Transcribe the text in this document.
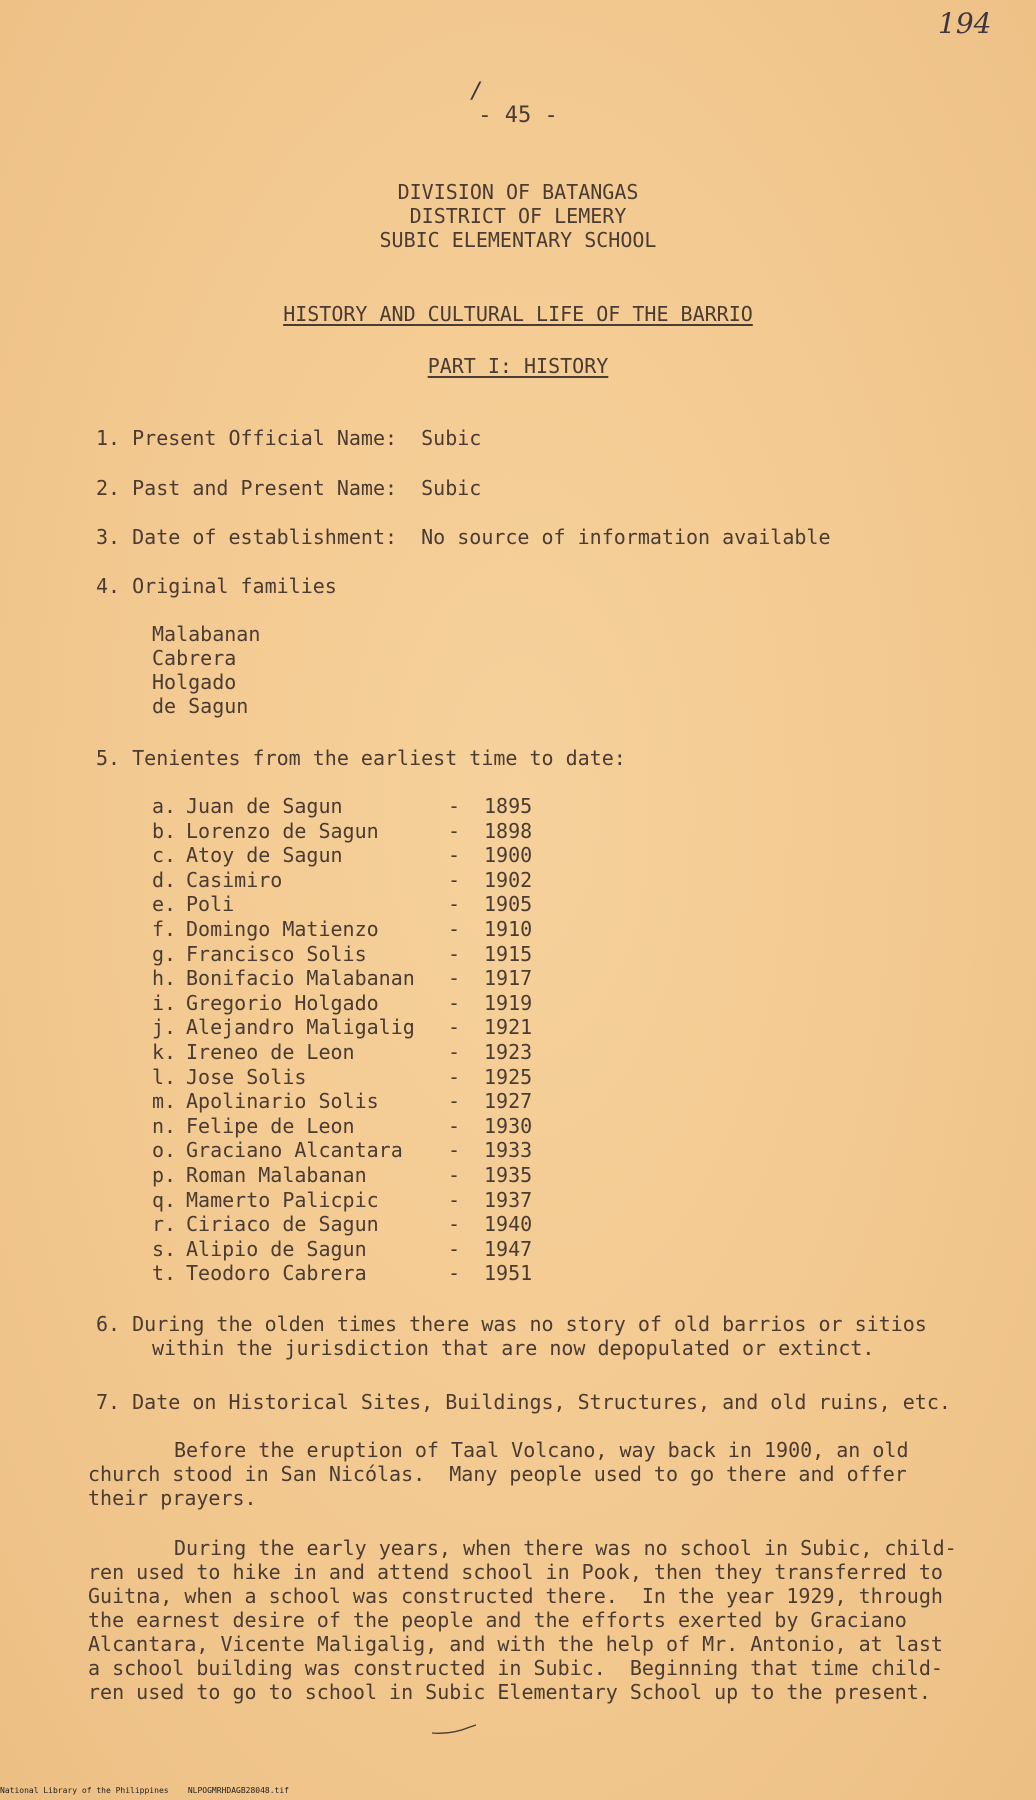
194
/
- 45 -
DIVISION OF BATANGAS
DISTRICT OF LEMERY
SUBIC ELEMENTARY SCHOOL
HISTORY AND CULTURAL LIFE OF THE BARRIO
PART I: HISTORY
1. Present Official Name:  Subic
2. Past and Present Name:  Subic
3. Date of establishment:  No source of information available
4. Original families
Malabanan
Cabrera
Holgado
de Sagun
5. Tenientes from the earliest time to date:
a. Juan de Sagun	- 1895
b. Lorenzo de Sagun	- 1898
c. Atoy de Sagun	- 1900
d. Casimiro	- 1902
e. Poli	- 1905
f. Domingo Matienzo	- 1910
g. Francisco Solis	- 1915
h. Bonifacio Malabanan - 1917
i. Gregorio Holgado	- 1919
j. Alejandro Maligalig - 1921
k. Ireneo de Leon	- 1923
l. Jose Solis	- 1925
m. Apolinario Solis	- 1927
n. Felipe de Leon	- 1930
o. Graciano Alcantara - 1933
p. Roman Malabanan	- 1935
q. Mamerto Palicpic	- 1937
r. Ciriaco de Sagun	- 1940
s. Alipio de Sagun	- 1947
t. Teodoro Cabrera	- 1951
6. During the olden times there was no story of old barrios or sitios
within the jurisdiction that are now depopulated or extinct.
7. Date on Historical Sites, Buildings, Structures, and old ruins, etc.
Before the eruption of Taal Volcano, way back in 1900, an old
church stood in San Nicólas.  Many people used to go there and offer
their prayers.
During the early years, when there was no school in Subic, child-
ren used to hike in and attend school in Pook, then they transferred to
Guitna, when a school was constructed there.  In the year 1929, through
the earnest desire of the people and the efforts exerted by Graciano
Alcantara, Vicente Maligalig, and with the help of Mr. Antonio, at last
a school building was constructed in Subic.  Beginning that time child-
ren used to go to school in Subic Elementary School up to the present.
National Library of the Philippines    NLPOGMRHDAGB28048.tif
